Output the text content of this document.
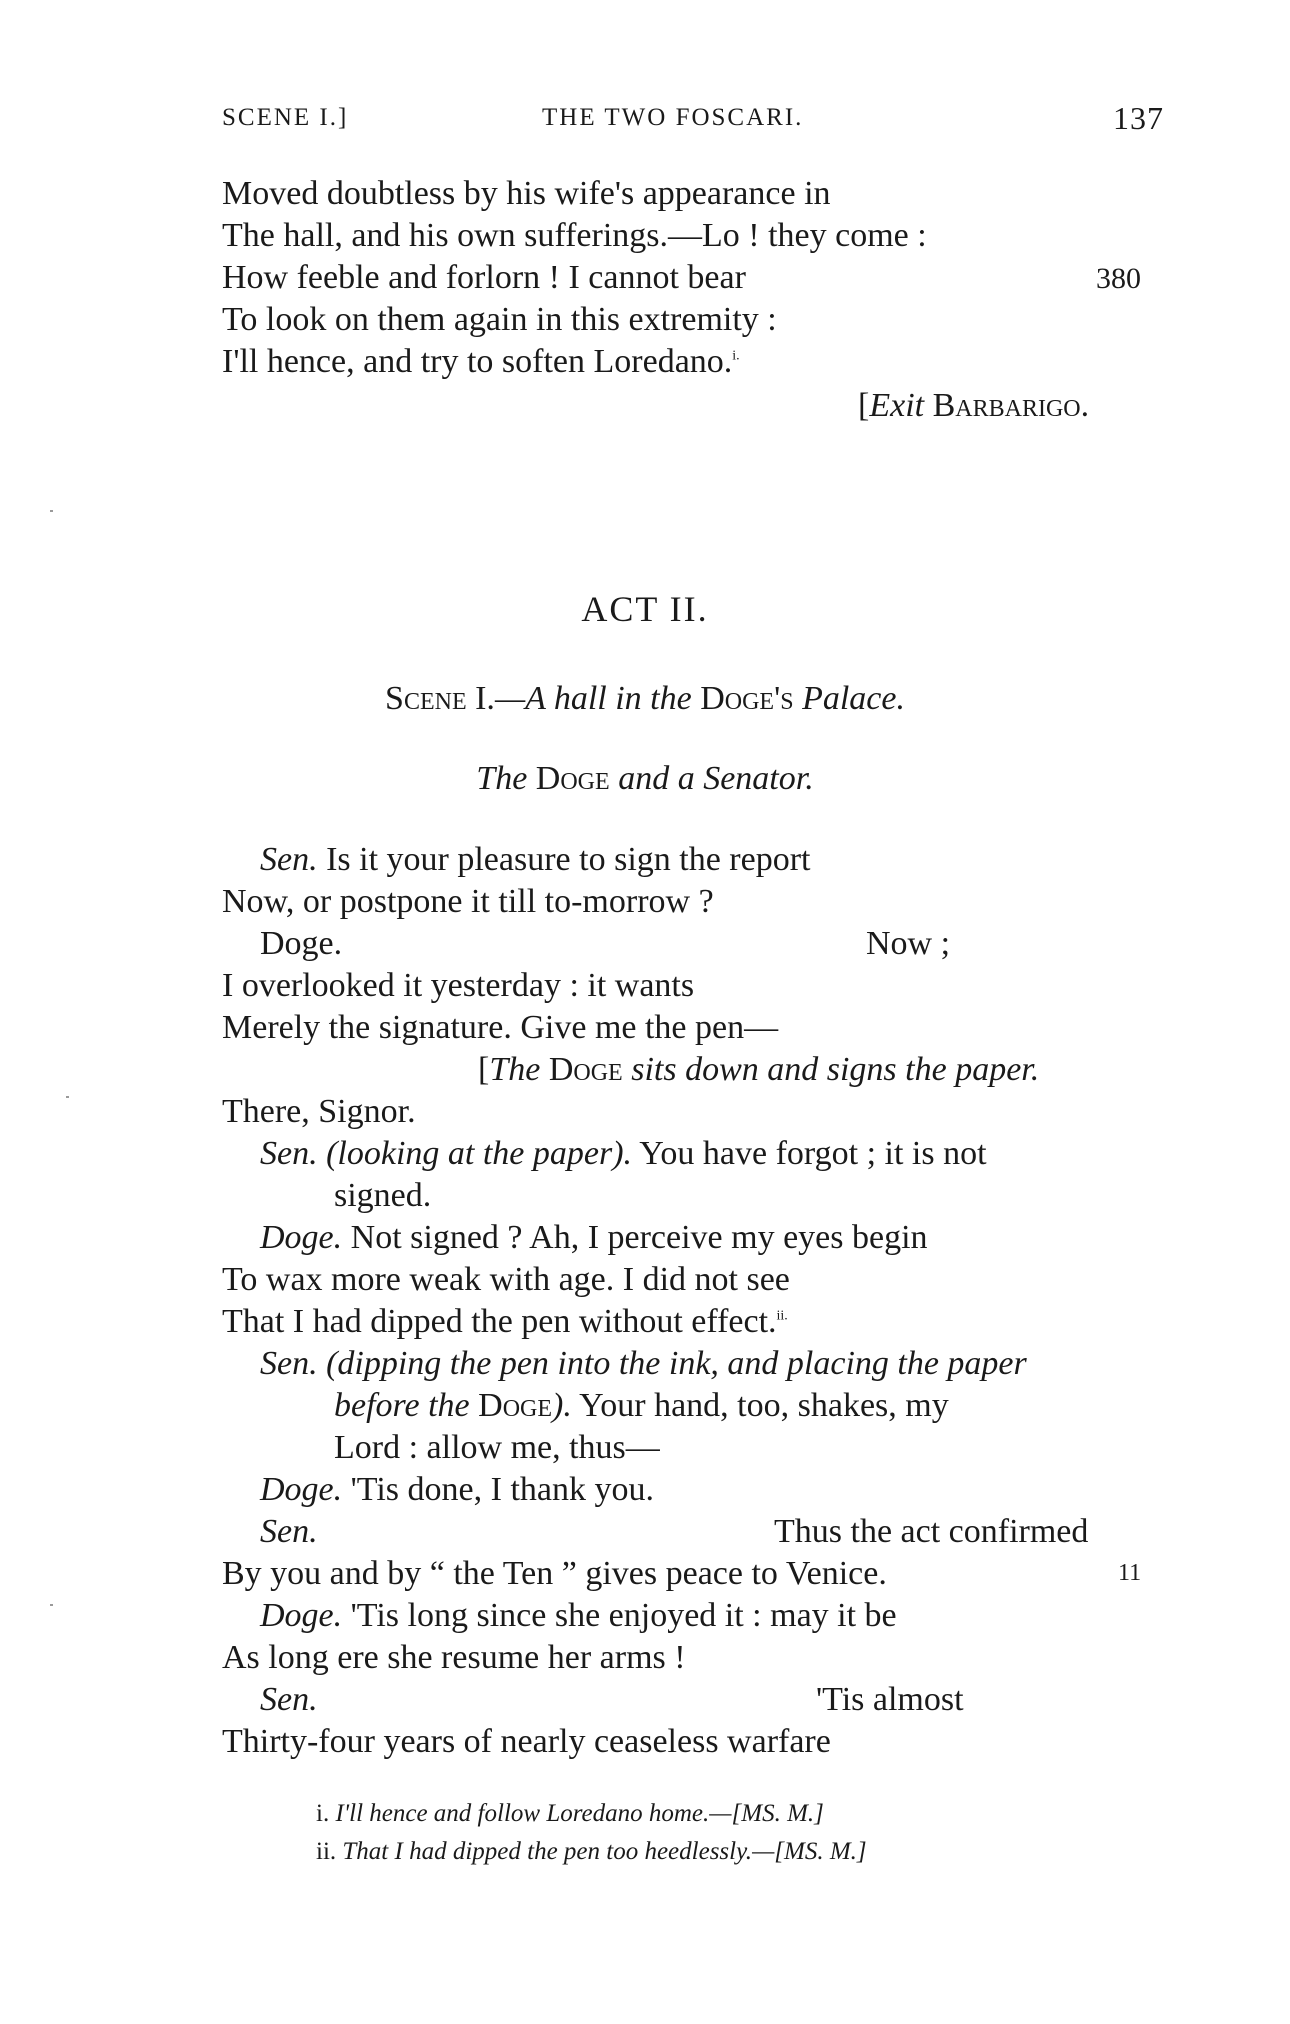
SCENE I.]	THE TWO FOSCARI.	137
Moved doubtless by his wife's appearance in
The hall, and his own sufferings.—Lo ! they come :
How feeble and forlorn ! I cannot bear	380
To look on them again in this extremity :
I'll hence, and try to soften Loredano.$^{i.}$
[Exit Barbarigo.
ACT II.
Scene I.—A hall in the Doge's Palace.
The Doge and a Senator.
Sen. Is it your pleasure to sign the report
Now, or postpone it till to-morrow ?
Doge.	Now ;
I overlooked it yesterday : it wants
Merely the signature. Give me the pen—
[The Doge sits down and signs the paper.
There, Signor.
Sen. (looking at the paper). You have forgot ; it is not
signed.
Doge. Not signed ? Ah, I perceive my eyes begin
To wax more weak with age. I did not see
That I had dipped the pen without effect.$^{ii.}$
Sen. (dipping the pen into the ink, and placing the paper
before the Doge). Your hand, too, shakes, my
Lord : allow me, thus—
Doge. 'Tis done, I thank you.
Sen.	Thus the act confirmed
By you and by “ the Ten ” gives peace to Venice.	11
Doge. 'Tis long since she enjoyed it : may it be
As long ere she resume her arms !
Sen.	'Tis almost
Thirty-four years of nearly ceaseless warfare
i. I'll hence and follow Loredano home.—[MS. M.]
ii. That I had dipped the pen too heedlessly.—[MS. M.]
